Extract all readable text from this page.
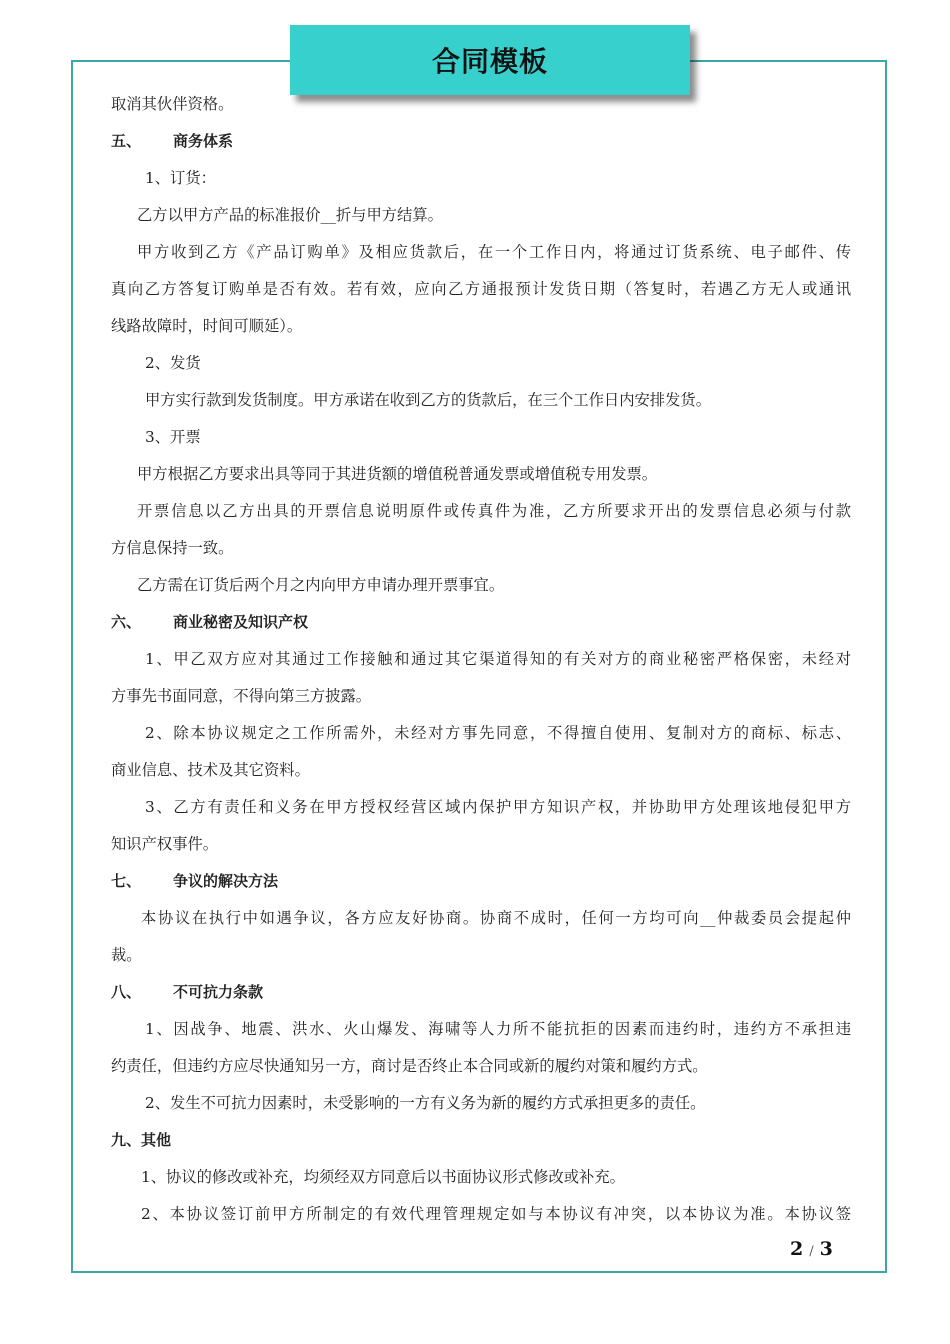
合同模板
取消其伙伴资格。
五、 商务体系
1、订货：
乙方以甲方产品的标准报价__折与甲方结算。
甲方收到乙方《产品订购单》及相应货款后，在一个工作日内，将通过订货系统、电子邮件、传
真向乙方答复订购单是否有效。若有效，应向乙方通报预计发货日期（答复时，若遇乙方无人或通讯
线路故障时，时间可顺延）。
2、发货
甲方实行款到发货制度。甲方承诺在收到乙方的货款后，在三个工作日内安排发货。
3、开票
甲方根据乙方要求出具等同于其进货额的增值税普通发票或增值税专用发票。
开票信息以乙方出具的开票信息说明原件或传真件为准，乙方所要求开出的发票信息必须与付款
方信息保持一致。
乙方需在订货后两个月之内向甲方申请办理开票事宜。
六、 商业秘密及知识产权
1、甲乙双方应对其通过工作接触和通过其它渠道得知的有关对方的商业秘密严格保密，未经对
方事先书面同意，不得向第三方披露。
2、除本协议规定之工作所需外，未经对方事先同意，不得擅自使用、复制对方的商标、标志、
商业信息、技术及其它资料。
3、乙方有责任和义务在甲方授权经营区域内保护甲方知识产权，并协助甲方处理该地侵犯甲方
知识产权事件。
七、 争议的解决方法
本协议在执行中如遇争议，各方应友好协商。协商不成时，任何一方均可向__仲裁委员会提起仲
裁。
八、 不可抗力条款
1、因战争、地震、洪水、火山爆发、海啸等人力所不能抗拒的因素而违约时，违约方不承担违
约责任，但违约方应尽快通知另一方，商讨是否终止本合同或新的履约对策和履约方式。
2、发生不可抗力因素时，未受影响的一方有义务为新的履约方式承担更多的责任。
九、其他
1、协议的修改或补充，均须经双方同意后以书面协议形式修改或补充。
2、本协议签订前甲方所制定的有效代理管理规定如与本协议有冲突，以本协议为准。本协议签
2 / 3
